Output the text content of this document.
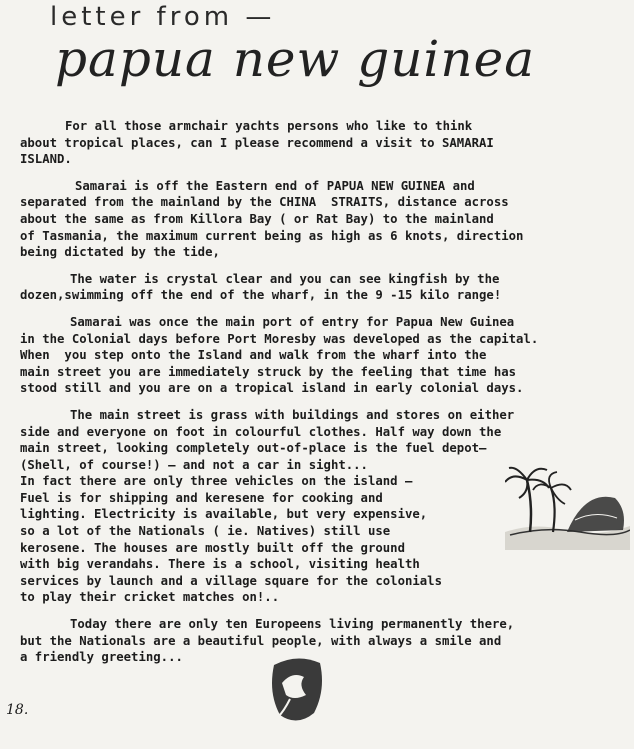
letter from —
papua new guinea

For all those armchair yachts persons who like to think
about tropical places, can I please recommend a visit to SAMARAI
ISLAND.

Samarai is off the Eastern end of PAPUA NEW GUINEA and
separated from the mainland by the CHINA  STRAITS, distance across
about the same as from Killora Bay ( or Rat Bay) to the mainland
of Tasmania, the maximum current being as high as 6 knots, direction
being dictated by the tide,

The water is crystal clear and you can see kingfish by the
dozen,swimming off the end of the wharf, in the 9 -15 kilo range!

Samarai was once the main port of entry for Papua New Guinea
in the Colonial days before Port Moresby was developed as the capital.
When  you step onto the Island and walk from the wharf into the
main street you are immediately struck by the feeling that time has
stood still and you are on a tropical island in early colonial days.

The main street is grass with buildings and stores on either
side and everyone on foot in colourful clothes. Half way down the
main street, looking completely out-of-place is the fuel depot—
(Shell, of course!) — and not a car in sight...
In fact there are only three vehicles on the island —
Fuel is for shipping and keresene for cooking and
lighting. Electricity is available, but very expensive,
so a lot of the Nationals ( ie. Natives) still use
kerosene. The houses are mostly built off the ground
with big verandahs. There is a school, visiting health
services by launch and a village square for the colonials
to play their cricket matches on!..

Today there are only ten Europeens living permanently there,
but the Nationals are a beautiful people, with always a smile and
a friendly greeting...

18.
